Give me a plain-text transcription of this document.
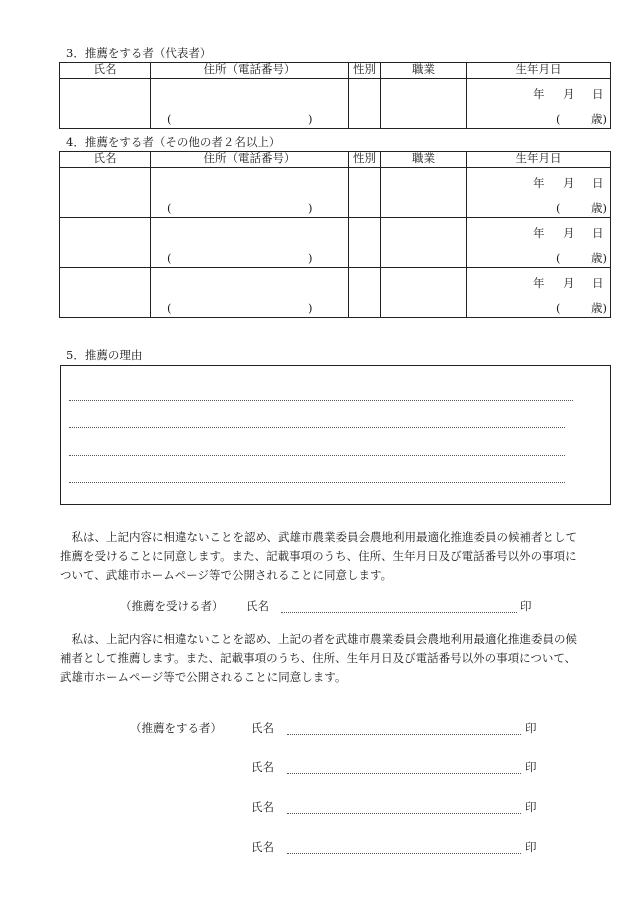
3．推薦をする者（代表者）
氏名	住所（電話番号）	性別	職業	生年月日

	( )			年 月 日
( 歳)
4．推薦をする者（その他の者２名以上）
氏名	住所（電話番号）	性別	職業	生年月日

	( )			年 月 日
( 歳)

	( )			年 月 日
( 歳)

	( )			年 月 日
( 歳)
5．推薦の理由
私は、上記内容に相違ないことを認め、武雄市農業委員会農地利用最適化推進委員の候補者として推薦を受けることに同意します。また、記載事項のうち、住所、生年月日及び電話番号以外の事項について、武雄市ホームページ等で公開されることに同意します。
（推薦を受ける者） 氏名	印
私は、上記内容に相違ないことを認め、上記の者を武雄市農業委員会農地利用最適化推進委員の候補者として推薦します。また、記載事項のうち、住所、生年月日及び電話番号以外の事項について、武雄市ホームページ等で公開されることに同意します。
（推薦をする者）	氏名	印
氏名	印
氏名	印
氏名	印
